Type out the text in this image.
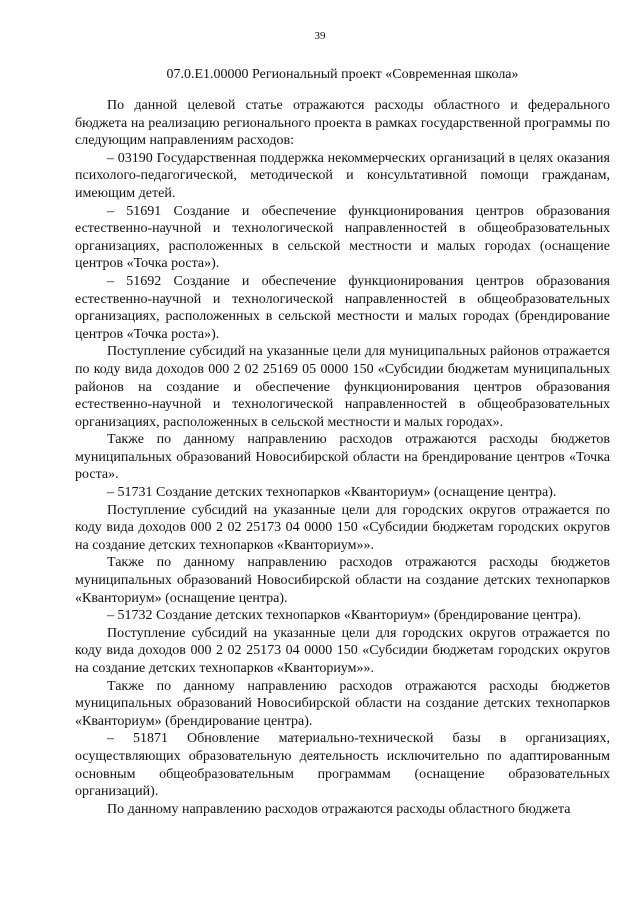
39
07.0.E1.00000 Региональный проект «Современная школа»

По данной целевой статье отражаются расходы областного и федерального бюджета на реализацию регионального проекта в рамках государственной программы по следующим направлениям расходов:

– 03190 Государственная поддержка некоммерческих организаций в целях оказания психолого-педагогической, методической и консультативной помощи гражданам, имеющим детей.

– 51691 Создание и обеспечение функционирования центров образования естественно-научной и технологической направленностей в общеобразовательных организациях, расположенных в сельской местности и малых городах (оснащение центров «Точка роста»).

– 51692 Создание и обеспечение функционирования центров образования естественно-научной и технологической направленностей в общеобразовательных организациях, расположенных в сельской местности и малых городах (брендирование центров «Точка роста»).

Поступление субсидий на указанные цели для муниципальных районов отражается по коду вида доходов 000 2 02 25169 05 0000 150 «Субсидии бюджетам муниципальных районов на создание и обеспечение функционирования центров образования естественно-научной и технологической направленностей в общеобразовательных организациях, расположенных в сельской местности и малых городах».

Также по данному направлению расходов отражаются расходы бюджетов муниципальных образований Новосибирской области на брендирование центров «Точка роста».

– 51731 Создание детских технопарков «Кванториум» (оснащение центра).

Поступление субсидий на указанные цели для городских округов отражается по коду вида доходов 000 2 02 25173 04 0000 150 «Субсидии бюджетам городских округов на создание детских технопарков «Кванториум»».

Также по данному направлению расходов отражаются расходы бюджетов муниципальных образований Новосибирской области на создание детских технопарков «Кванториум» (оснащение центра).

– 51732 Создание детских технопарков «Кванториум» (брендирование центра).

Поступление субсидий на указанные цели для городских округов отражается по коду вида доходов 000 2 02 25173 04 0000 150 «Субсидии бюджетам городских округов на создание детских технопарков «Кванториум»».

Также по данному направлению расходов отражаются расходы бюджетов муниципальных образований Новосибирской области на создание детских технопарков «Кванториум» (брендирование центра).

– 51871 Обновление материально-технической базы в организациях, осуществляющих образовательную деятельность исключительно по адаптированным основным общеобразовательным программам (оснащение образовательных организаций).

По данному направлению расходов отражаются расходы областного бюджета
